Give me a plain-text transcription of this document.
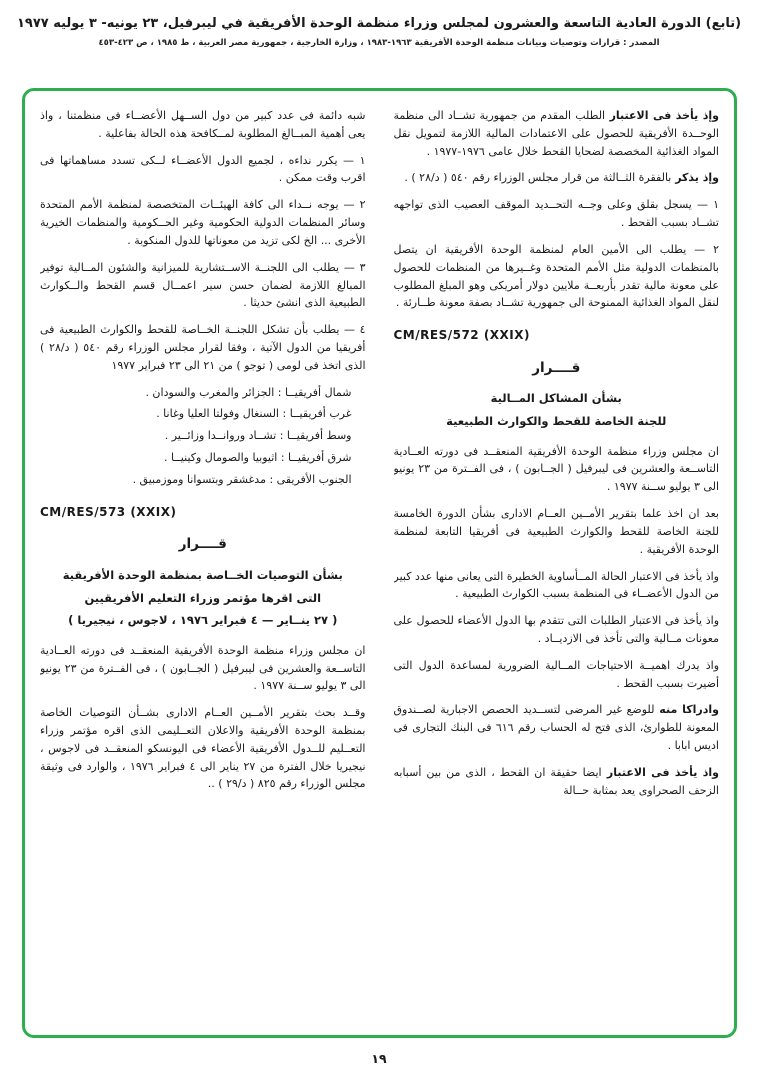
(تابع) الدورة العادية التاسعة والعشرون لمجلس وزراء منظمة الوحدة الأفريقية في ليبرفيل، ٢٣ يونيه- ٣ يوليه ١٩٧٧
المصدر : قرارات وتوصيات وبيانات منظمة الوحدة الأفريقية ١٩٦٣-١٩٨٣ ، وزارة الخارجية ، جمهورية مصر العربية ، ط ١٩٨٥ ، ص ٤٢٣-٤٥٣
وإذ يأخذ فى الاعتبار الطلب المقدم من جمهورية تشــاد الى منظمة الوحــدة الأفريقية للحصول على الاعتمادات المالية اللازمة لتمويل نقل المواد الغذائية المخصصة لضحايا القحط خلال عامى ١٩٧٦-١٩٧٧ .
وإذ يذكر بالفقرة الثــالثة من قرار مجلس الوزراء رقم ٥٤٠ ( د/٢٨ ) .
١ — يسجل بقلق وعلى وجــه التحــديد الموقف العصيب الذى تواجهه تشــاد بسبب القحط .
٢ — يطلب الى الأمين العام لمنظمة الوحدة الأفريقية ان يتصل بالمنظمات الدولية مثل الأمم المتحدة وغــيرها من المنظمات للحصول على معونة مالية تقدر بأربعــة ملايين دولار أمريكى وهو المبلغ المطلوب لنقل المواد الغذائية الممنوحة الى جمهورية تشــاد بصفة معونة طــارئة .
CM/RES/572 (XXIX)
قــــرار
بشأن المشاكل المــالية
للجنة الخاصة للقحط والكوارث الطبيعية
ان مجلس وزراء منظمة الوحدة الأفريقية المنعقــد فى دورته العــادية التاســعة والعشرين فى ليبرفيل ( الجــابون ) ، فى الفــترة من ٢٣ يونيو الى ٣ يوليو ســنة ١٩٧٧ .
بعد ان اخذ علما بتقرير الأمــين العــام الادارى بشأن الدورة الخامسة للجنة الخاصة للقحط والكوارث الطبيعية فى أفريقيا التابعة لمنظمة الوحدة الأفريقية .
واذ يأخذ فى الاعتبار الحالة المــأساوية الخطيرة التى يعانى منها عدد كبير من الدول الأعضــاء فى المنظمة بسبب الكوارث الطبيعية .
واذ يأخذ فى الاعتبار الطلبات التى تتقدم بها الدول الأعضاء للحصول على معونات مــالية والتى تأخذ فى الازديــاد .
واذ يدرك اهميــة الاحتياجات المــالية الضرورية لمساعدة الدول التى أضيرت بسبب القحط .
وادراكا منه للوضع غير المرضى لتســديد الحصص الاجبارية لصــندوق المعونة للطوارئ، الذى فتح له الحساب رقم ٦١٦ فى البنك التجارى فى اديس ابابا .
واذ يأخذ فى الاعتبار ايضا حقيقة ان القحط ، الذى من بين أسبابه الزحف الصحراوى يعد بمثابة حــالة
شبه دائمة فى عدد كبير من دول الســهل الأعضــاء فى منظمتنا ، واذ يعى أهمية المبــالغ المطلوبة لمــكافحة هذه الحالة بفاعلية .
١ — يكرر نداءه ، لجميع الدول الأعضــاء لــكى تسدد مساهماتها فى اقرب وقت ممكن .
٢ — يوجه نــداء الى كافة الهيئــات المتخصصة لمنظمة الأمم المتحدة وسائر المنظمات الدولية الحكومية وغير الحــكومية والمنظمات الخيرية الأخرى ... الخ لكى تزيد من معوناتها للدول المنكوبة .
٣ — يطلب الى اللجنــة الاســتشارية للميزانية والشئون المــالية توفير المبالغ اللازمة لضمان حسن سير اعمــال قسم القحط والــكوارث الطبيعية الذى انشئ حديثا .
٤ — يطلب بأن تشكل اللجنــة الخــاصة للقحط والكوارث الطبيعية فى أفريقيا من الدول الآتية ، وفقا لقرار مجلس الوزراء رقم ٥٤٠ ( د/٢٨ ) الذى اتخذ فى لومى ( توجو ) من ٢١ الى ٢٣ فبراير ١٩٧٧
شمال أفريقيــا : الجزائر والمغرب والسودان .
غرب أفريقيــا : السنغال وفولتا العليا وغانا .
وسط أفريقيــا : تشــاد وروانــدا وزائــير .
شرق أفريقيــا : اثيوبيا والصومال وكينيــا .
الجنوب الأفريقى : مدغشقر وبتسوانا وموزمبيق .
CM/RES/573 (XXIX)
قــــرار
بشأن التوصيات الخــاصة بمنظمة الوحدة الأفريقية
التى اقرها مؤتمر وزراء التعليم الأفريقيين
( ٢٧ ينــاير — ٤ فبراير ١٩٧٦ ، لاجوس ، نيجيريا )
ان مجلس وزراء منظمة الوحدة الأفريقية المنعقــد فى دورته العــادية التاســعة والعشرين فى ليبرفيل ( الجــابون ) ، فى الفــترة من ٢٣ يونيو الى ٣ يوليو ســنة ١٩٧٧ .
وقــد بحث بتقرير الأمــين العــام الادارى بشــأن التوصيات الخاصة بمنظمة الوحدة الأفريقية والاعلان التعــليمى الذى اقره مؤتمر وزراء التعــليم للــدول الأفريقية الأعضاء فى اليونسكو المنعقــد فى لاجوس ، نيجيريا خلال الفترة من ٢٧ يناير الى ٤ فبراير ١٩٧٦ ، والوارد فى وثيقة مجلس الوزراء رقم ٨٢٥ ( د/٢٩ ) ..
١٩
